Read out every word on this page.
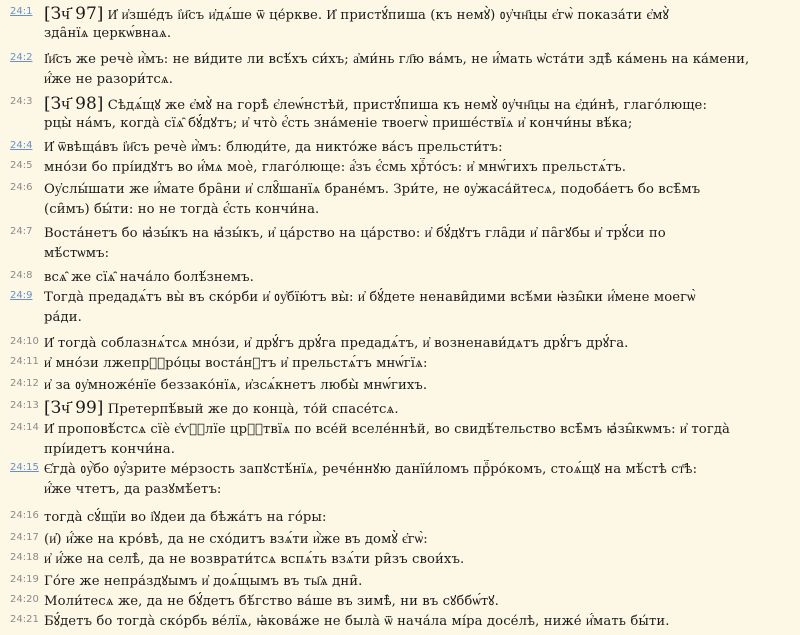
24:1 [Зч҃ 97] И҆ и҆зше́дъ і҆и҃съ и҆дѧ́ше ѿ це́ркве. И҆ пристꙋ́пиша (къ немꙋ̀) ᲂу҆чн҃цы є҆гѡ̀ показа́ти є҆мꙋ̀
зда̑нїѧ церкѡ́внаѧ.
24:2 І҆и҃съ же речѐ и҆̀мъ: не ви́дите ли всѣ́хъ си́хъ; а҆ми́нь гл҃ю ва́мъ, не и҆́мать ѡ҆ста́ти здѣ̀ ка́мень на ка́мени,
и҆́же не разори́тсѧ.
24:3 [Зч҃ 98] Сѣдѧ́щꙋ же є҆мꙋ̀ на горѣ̀ є҆леѡ́нстѣй, пристꙋ́пиша къ немꙋ̀ ᲂу҆чн҃цы на є҆ди́нѣ, глаго́люще:
рцы̀ на́мъ, когда̀ сїѧ̑ бꙋ́дꙋтъ; и҆ что̀ є҆́сть зна́меніе твоегѡ̀ прише́ствїѧ и҆ кончи́ны вѣ́ка;
24:4 И҆ ѿвѣща́въ і҆и҃съ речѐ и҆̀мъ: блюди́те, да никто́же ва́съ прельсти́тъ:
24:5 мно́зи бо прі́идꙋтъ во и҆́мѧ моѐ, глаго́люще: а҆́зъ є҆́смь хрⷭ҇то́съ: и҆ мнѡ́гихъ прельстѧ́тъ.
24:6 Оу҆слы́шати же и҆́мате бра̑ни и҆ слꙋ̑шанїѧ бране́мъ. Зри́те, не ᲂу҆жаса́йтесѧ, подоба́етъ бо всѣ̑мъ
(си̑мъ) бы́ти: но не тогда̀ є҆́сть кончи́на.
24:7 Воста́нетъ бо ꙗ҆зы́къ на ꙗ҆зы́къ, и҆ ца́рство на ца́рство: и҆ бꙋ́дꙋтъ гла̑ди и҆ па̑гꙋбы и҆ трꙋ́си по
мѣ́стѡмъ:
24:8 всѧ̑ же сїѧ̑ нача́ло болѣ́знемъ.
24:9 Тогда̀ предадѧ́тъ вы̀ въ ско́рби и҆ ᲂу҆бїю́тъ вы̀: и҆ бꙋ́дете ненави̑дими всѣ́ми ꙗ҆зы̑ки и҆́мене моегѡ̀
ра́ди.
24:10 И҆ тогда̀ соблазнѧ́тсѧ мно́зи, и҆ дрꙋ́гъ дрꙋ́га предадѧ́тъ, и҆ возненави́дѧтъ дрꙋ́гъ дрꙋ́га.
24:11 и҆ мно́зи лжепрⷪ҇ро́цы воста́нꙋтъ и҆ прельстѧ́тъ мнѡ́гїѧ:
24:12 и҆ за ᲂу҆множе́нїе беззако́нїѧ, и҆зсѧ́кнетъ любы̀ мнѡ́гихъ.
24:13 [Зч҃ 99] Претерпѣ́вый же до конца̀, то́й спасе́тсѧ.
24:14 И҆ проповѣ́стсѧ сїѐ є҆ѵⷢ҇лїе црⷭ҇твїѧ по все́й вселе́ннѣй, во свидѣ́тельство всѣ̑мъ ꙗ҆зы̑кѡмъ: и҆ тогда̀
прі́идетъ кончи́на.
24:15 Є҆гда̀ ᲂу҆̀бо ᲂу҆́зрите ме́рзость запꙋстѣ́нїѧ, рече́ннꙋю данїи́ломъ прⷪ҇ро́комъ, стоѧ́щꙋ на мѣ́стѣ ст҃ѣ:
и҆́же чтетъ, да разꙋмѣ́етъ:
24:16 тогда̀ сꙋ́щїи во і҆ꙋдеи да бѣжа́тъ на го́ры:
24:17 (и҆) и҆́же на кро́вѣ, да не схо́дитъ взѧ́ти и҆̀же въ домꙋ̀ є҆гѡ̀:
24:18 и҆ и҆́же на селѣ̀, да не возврати́тсѧ вспѧ́ть взѧ́ти ри̑зъ свои́хъ.
24:19 Го́re же непра́здꙋымъ и҆ доѧ́щымъ въ ты҄ѧ дни̑.
24:20 Моли́тесѧ же, да не бꙋ́детъ бѣ́гство ва́ше въ зимѣ̀, ни въ сꙋббѡ́тꙋ.
24:21 Бꙋ́детъ бо тогда̀ ско́рбь ве́лїѧ, ꙗ҆кова́же не была̀ ѿ нача́ла мі́ра досе́лѣ, ниже́ и҆́мать бы́ти.
